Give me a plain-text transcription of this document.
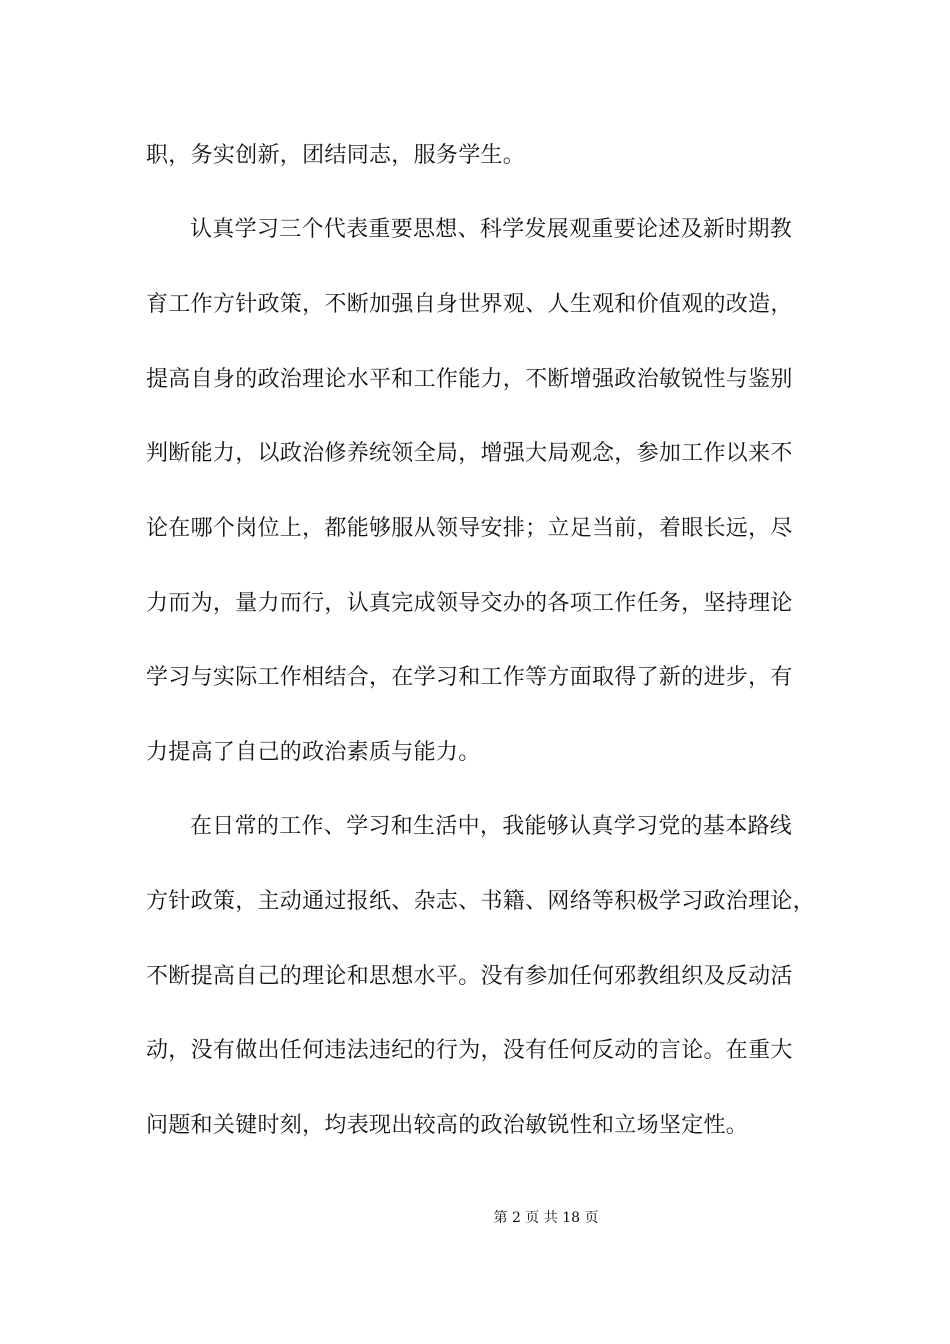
职，务实创新，团结同志，服务学生。
认真学习三个代表重要思想、科学发展观重要论述及新时期教
育工作方针政策，不断加强自身世界观、人生观和价值观的改造，
提高自身的政治理论水平和工作能力，不断增强政治敏锐性与鉴别
判断能力，以政治修养统领全局，增强大局观念，参加工作以来不
论在哪个岗位上，都能够服从领导安排；立足当前，着眼长远，尽
力而为，量力而行，认真完成领导交办的各项工作任务，坚持理论
学习与实际工作相结合，在学习和工作等方面取得了新的进步，有
力提高了自己的政治素质与能力。
在日常的工作、学习和生活中，我能够认真学习党的基本路线
方针政策，主动通过报纸、杂志、书籍、网络等积极学习政治理论，
不断提高自己的理论和思想水平。没有参加任何邪教组织及反动活
动，没有做出任何违法违纪的行为，没有任何反动的言论。在重大
问题和关键时刻，均表现出较高的政治敏锐性和立场坚定性。
第 2 页 共 18 页
